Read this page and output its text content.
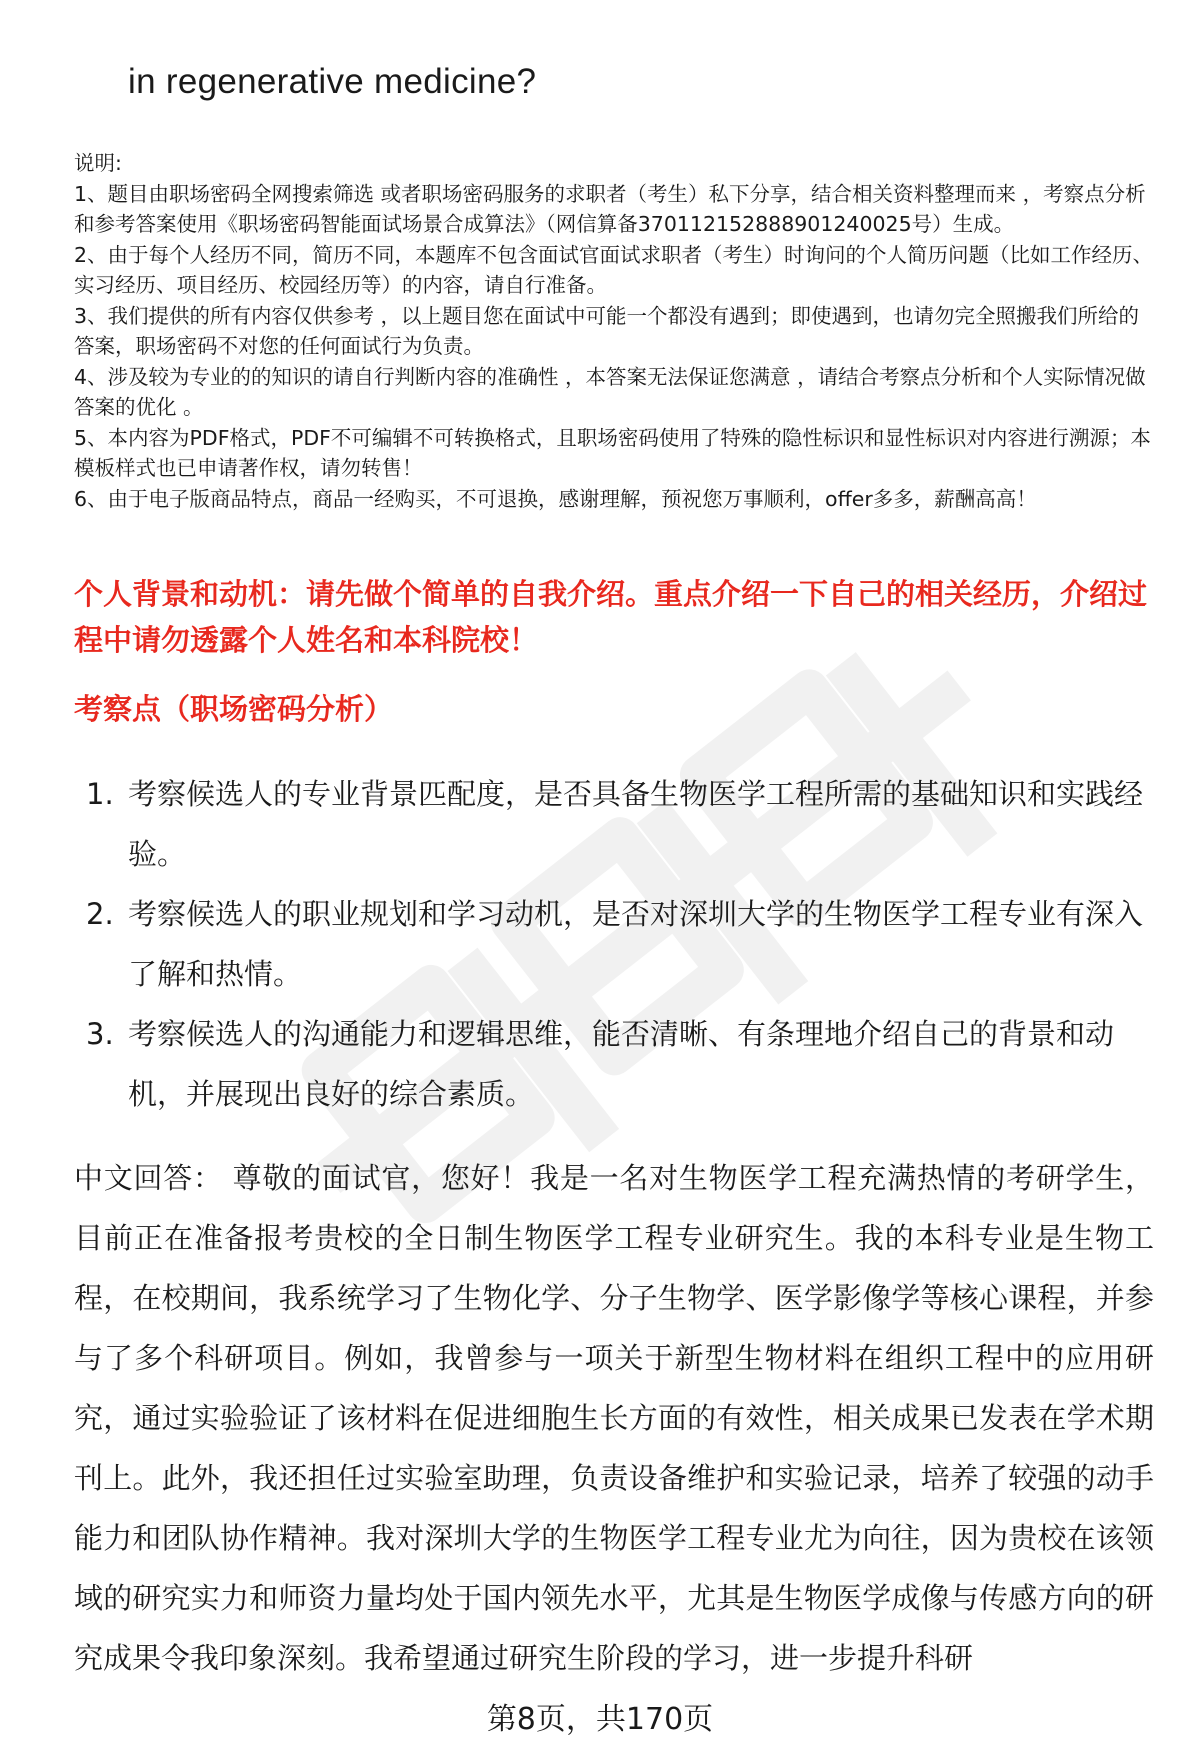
in regenerative medicine?

说明:

1、题目由职场密码全网搜索筛选 或者职场密码服务的求职者（考生）私下分享，结合相关资料整理而来 ，考察点分析和参考答案使用《职场密码智能面试场景合成算法》（网信算备370112152888901240025号）生成。

2、由于每个人经历不同，简历不同，本题库不包含面试官面试求职者（考生）时询问的个人简历问题（比如工作经历、实习经历、项目经历、校园经历等）的内容，请自行准备。

3、我们提供的所有内容仅供参考 ，以上题目您在面试中可能一个都没有遇到；即使遇到，也请勿完全照搬我们所给的答案，职场密码不对您的任何面试行为负责。

4、涉及较为专业的的知识的请自行判断内容的准确性 ，本答案无法保证您满意 ，请结合考察点分析和个人实际情况做答案的优化 。

5、本内容为PDF格式，PDF不可编辑不可转换格式，且职场密码使用了特殊的隐性标识和显性标识对内容进行溯源；本模板样式也已申请著作权，请勿转售！

6、由于电子版商品特点，商品一经购买，不可退换，感谢理解，预祝您万事顺利，offer多多，薪酬高高！

个人背景和动机：请先做个简单的自我介绍。重点介绍一下自己的相关经历，介绍过程中请勿透露个人姓名和本科院校！
考察点（职场密码分析）
1. 考察候选人的专业背景匹配度，是否具备生物医学工程所需的基础知识和实践经验。
2. 考察候选人的职业规划和学习动机，是否对深圳大学的生物医学工程专业有深入了解和热情。
3. 考察候选人的沟通能力和逻辑思维，能否清晰、有条理地介绍自己的背景和动机，并展现出良好的综合素质。

中文回答： 尊敬的面试官，您好！我是一名对生物医学工程充满热情的考研学生，目前正在准备报考贵校的全日制生物医学工程专业研究生。我的本科专业是生物工程，在校期间，我系统学习了生物化学、分子生物学、医学影像学等核心课程，并参与了多个科研项目。例如，我曾参与一项关于新型生物材料在组织工程中的应用研究，通过实验验证了该材料在促进细胞生长方面的有效性，相关成果已发表在学术期刊上。此外，我还担任过实验室助理，负责设备维护和实验记录，培养了较强的动手能力和团队协作精神。我对深圳大学的生物医学工程专业尤为向往，因为贵校在该领域的研究实力和师资力量均处于国内领先水平，尤其是生物医学成像与传感方向的研究成果令我印象深刻。我希望通过研究生阶段的学习，进一步提升科研

第8页，共170页
